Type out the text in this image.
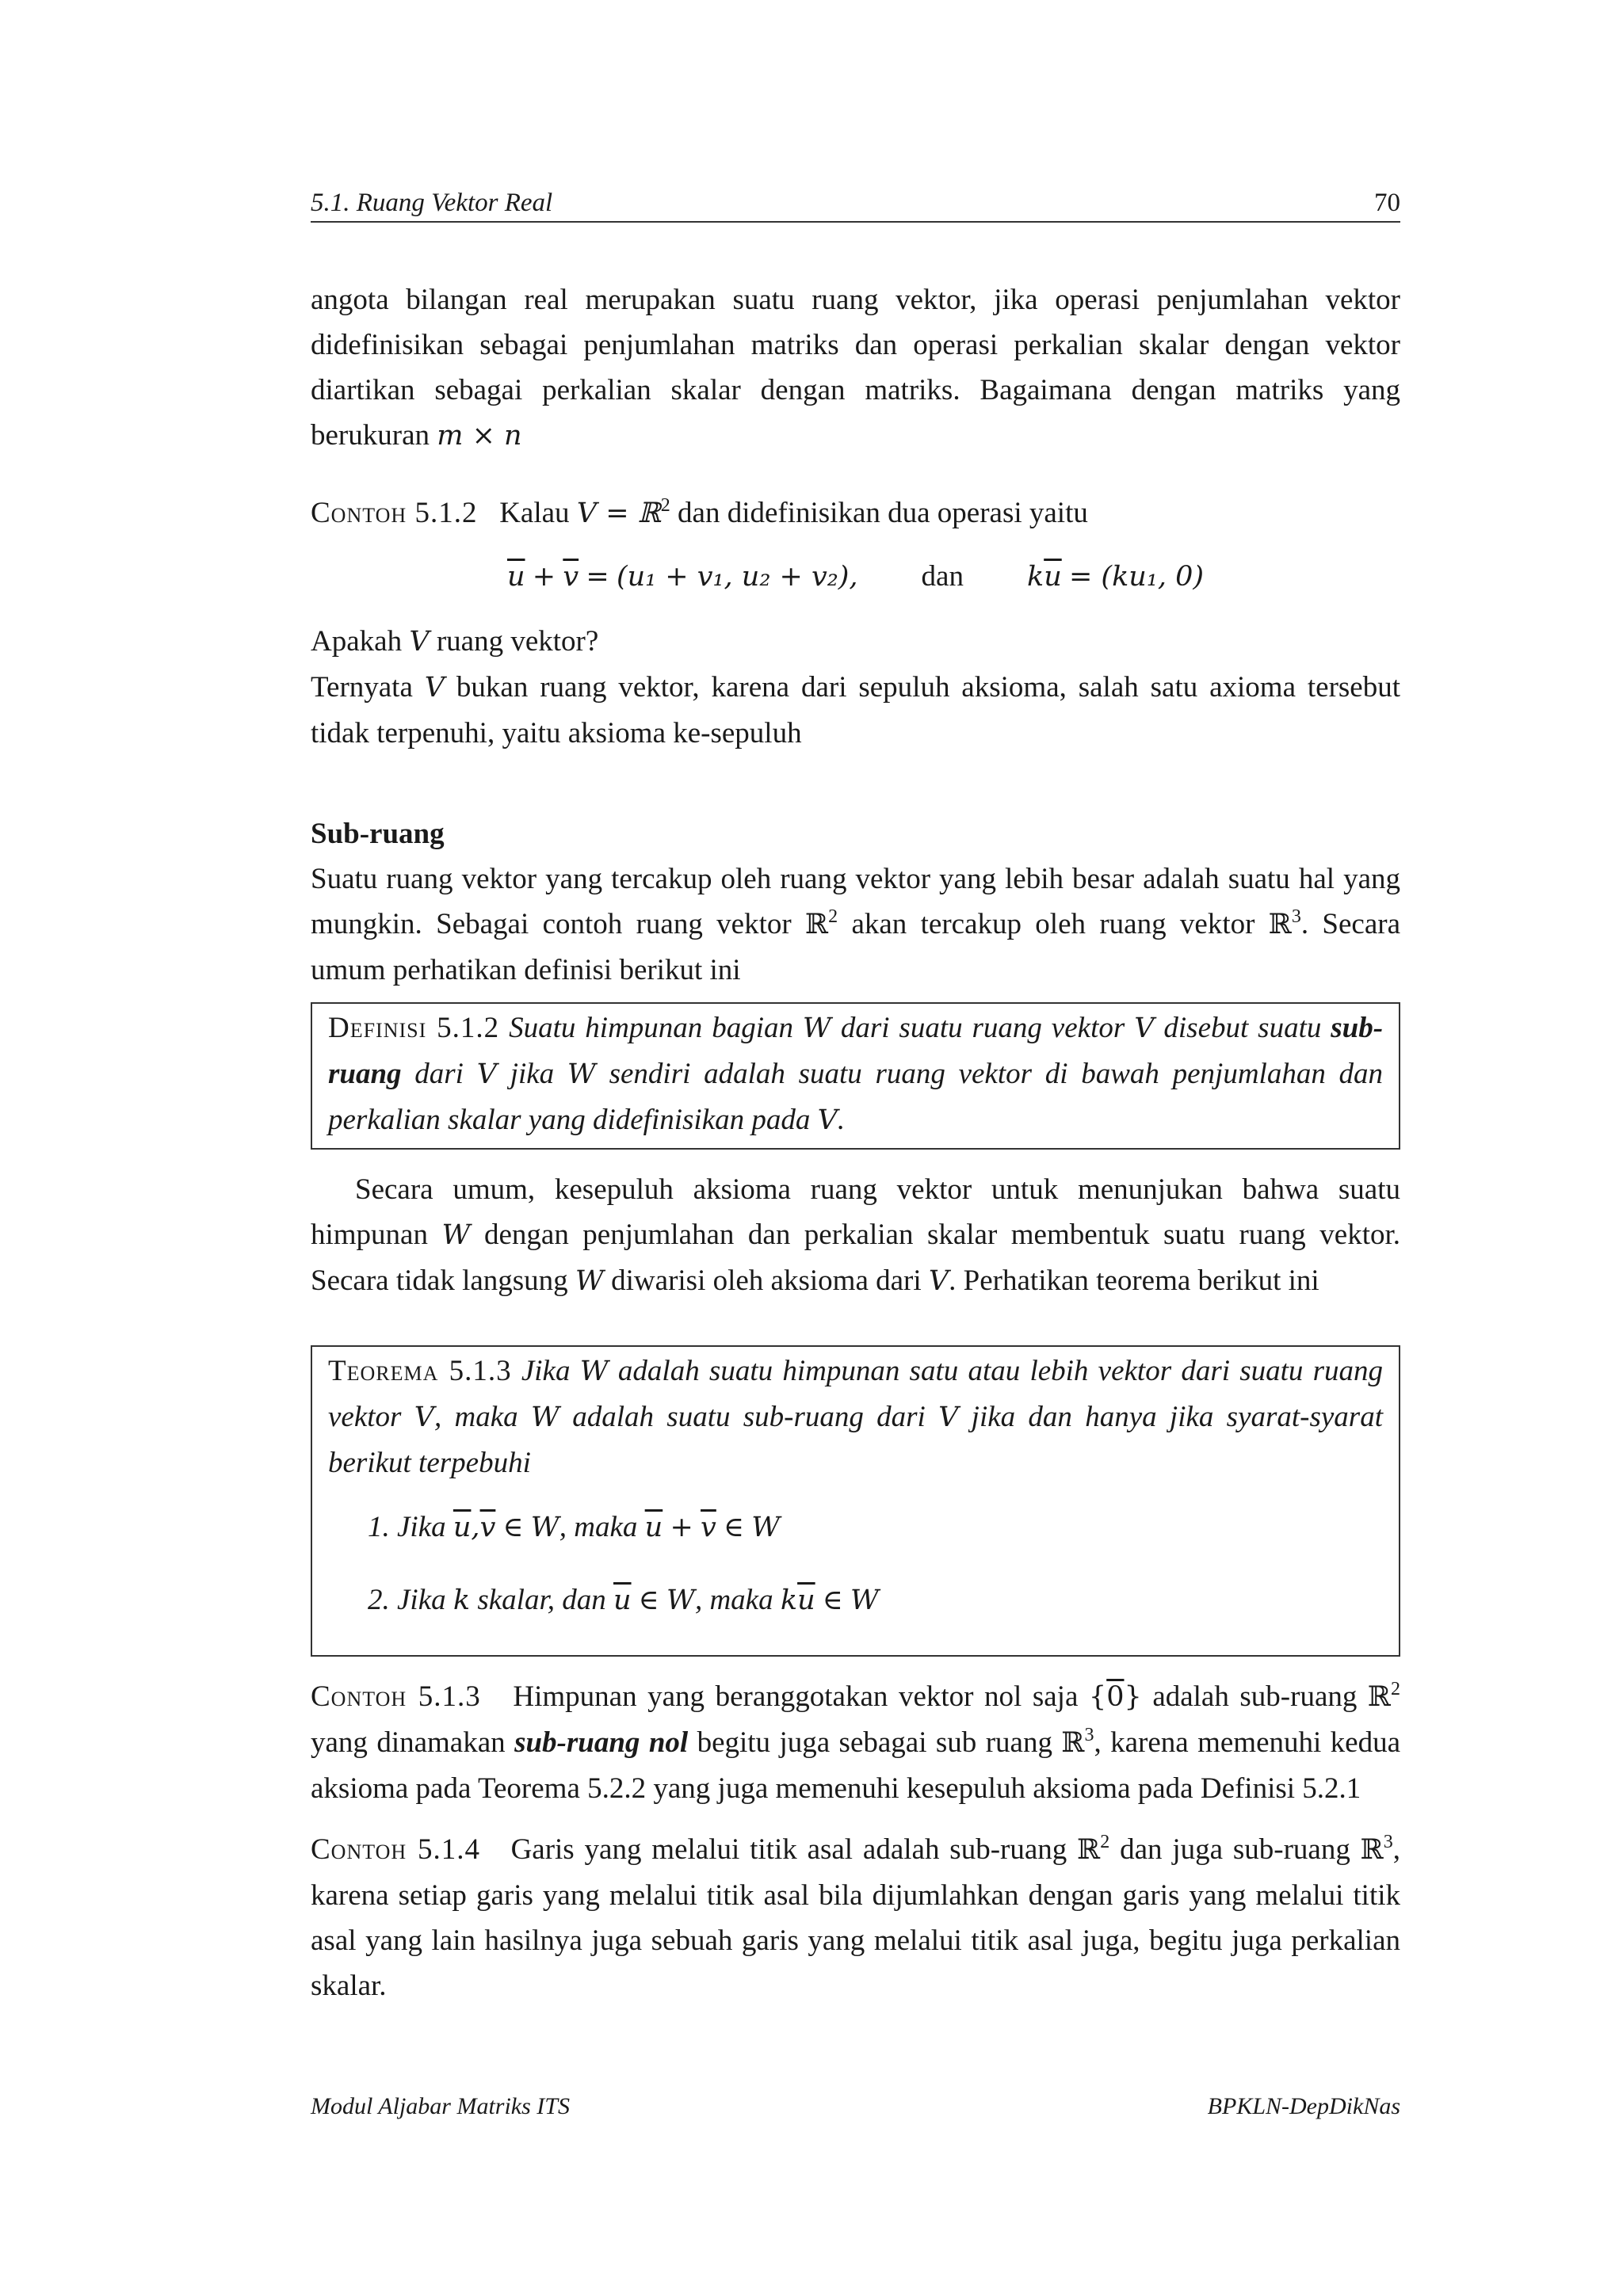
5.1. Ruang Vektor Real	70

angota bilangan real merupakan suatu ruang vektor, jika operasi penjumlahan vektor didefinisikan sebagai penjumlahan matriks dan operasi perkalian skalar dengan vektor diartikan sebagai perkalian skalar dengan matriks. Bagaimana dengan matriks yang berukuran m × n

Contoh 5.1.2 Kalau V = ℝ$^2$ dan didefinisikan dua operasi yaitu

$\overline{u} + \overline{v} = (u_1 + v_1$, u₂ + v₂), dan $k\overline{u} = (ku_1$, 0)

Apakah V ruang vektor?

Ternyata V bukan ruang vektor, karena dari sepuluh aksioma, salah satu axioma tersebut tidak terpenuhi, yaitu aksioma ke-sepuluh

Sub-ruang

Suatu ruang vektor yang tercakup oleh ruang vektor yang lebih besar adalah suatu hal yang mungkin. Sebagai contoh ruang vektor ℝ$^2$ akan tercakup oleh ruang vektor ℝ$^3$. Secara umum perhatikan definisi berikut ini

Definisi 5.1.2 Suatu himpunan bagian W dari suatu ruang vektor V disebut suatu sub-ruang dari V jika W sendiri adalah suatu ruang vektor di bawah penjumlahan dan perkalian skalar yang didefinisikan pada V.

Secara umum, kesepuluh aksioma ruang vektor untuk menunjukan bahwa suatu himpunan W dengan penjumlahan dan perkalian skalar membentuk suatu ruang vektor. Secara tidak langsung W diwarisi oleh aksioma dari V. Perhatikan teorema berikut ini

Teorema 5.1.3 Jika W adalah suatu himpunan satu atau lebih vektor dari suatu ruang vektor V, maka W adalah suatu sub-ruang dari V jika dan hanya jika syarat-syarat berikut terpebuhi
1. Jika $\overline{u},\overline{v}$ ∈ W, maka $\overline{u} + \overline{v}$ ∈ W
2. Jika k skalar, dan $\overline{u}$ ∈ W, maka $k\overline{u}$ ∈ W

Contoh 5.1.3 Himpunan yang beranggotakan vektor nol saja {0} adalah sub-ruang ℝ$^2$ yang dinamakan sub-ruang nol begitu juga sebagai sub ruang ℝ$^3$, karena memenuhi kedua aksioma pada Teorema 5.2.2 yang juga memenuhi kesepuluh aksioma pada Definisi 5.2.1

Contoh 5.1.4 Garis yang melalui titik asal adalah sub-ruang ℝ$^2$ dan juga sub-ruang ℝ$^3$, karena setiap garis yang melalui titik asal bila dijumlahkan dengan garis yang melalui titik asal yang lain hasilnya juga sebuah garis yang melalui titik asal juga, begitu juga perkalian skalar.

Modul Aljabar Matriks ITS	BPKLN-DepDikNas
